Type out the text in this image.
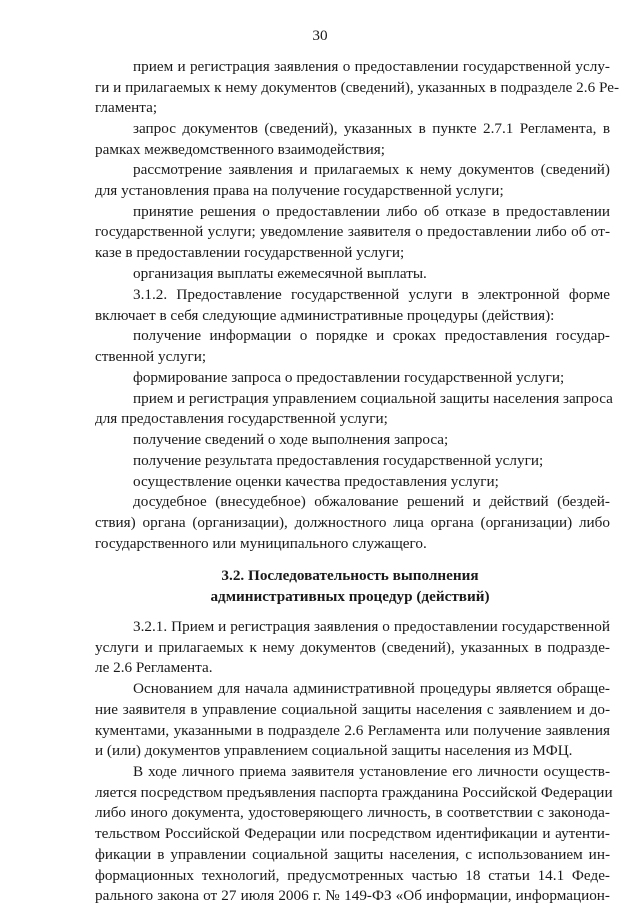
30
прием и регистрация заявления о предоставлении государственной услу-
ги и прилагаемых к нему документов (сведений), указанных в подразделе 2.6 Ре-
гламента;
запрос документов (сведений), указанных в пункте 2.7.1 Регламента, в
рамках межведомственного взаимодействия;
рассмотрение заявления и прилагаемых к нему документов (сведений)
для установления права на получение государственной услуги;
принятие решения о предоставлении либо об отказе в предоставлении
государственной услуги; уведомление заявителя о предоставлении либо об от-
казе в предоставлении государственной услуги;
организация выплаты ежемесячной выплаты.
3.1.2. Предоставление государственной услуги в электронной форме
включает в себя следующие административные процедуры (действия):
получение информации о порядке и сроках предоставления государ-
ственной услуги;
формирование запроса о предоставлении государственной услуги;
прием и регистрация управлением социальной защиты населения запроса
для предоставления государственной услуги;
получение сведений о ходе выполнения запроса;
получение результата предоставления государственной услуги;
осуществление оценки качества предоставления услуги;
досудебное (внесудебное) обжалование решений и действий (бездей-
ствия) органа (организации), должностного лица органа (организации) либо
государственного или муниципального служащего.
3.2.1. Прием и регистрация заявления о предоставлении государственной
услуги и прилагаемых к нему документов (сведений), указанных в подразде-
ле 2.6 Регламента.
Основанием для начала административной процедуры является обраще-
ние заявителя в управление социальной защиты населения с заявлением и до-
кументами, указанными в подразделе 2.6 Регламента или получение заявления
и (или) документов управлением социальной защиты населения из МФЦ.
В ходе личного приема заявителя установление его личности осуществ-
ляется посредством предъявления паспорта гражданина Российской Федерации
либо иного документа, удостоверяющего личность, в соответствии с законода-
тельством Российской Федерации или посредством идентификации и аутенти-
фикации в управлении социальной защиты населения, с использованием ин-
формационных технологий, предусмотренных частью 18 статьи 14.1 Феде-
рального закона от 27 июля 2006 г. № 149-ФЗ «Об информации, информацион-
3.2. Последовательность выполнения
административных процедур (действий)
